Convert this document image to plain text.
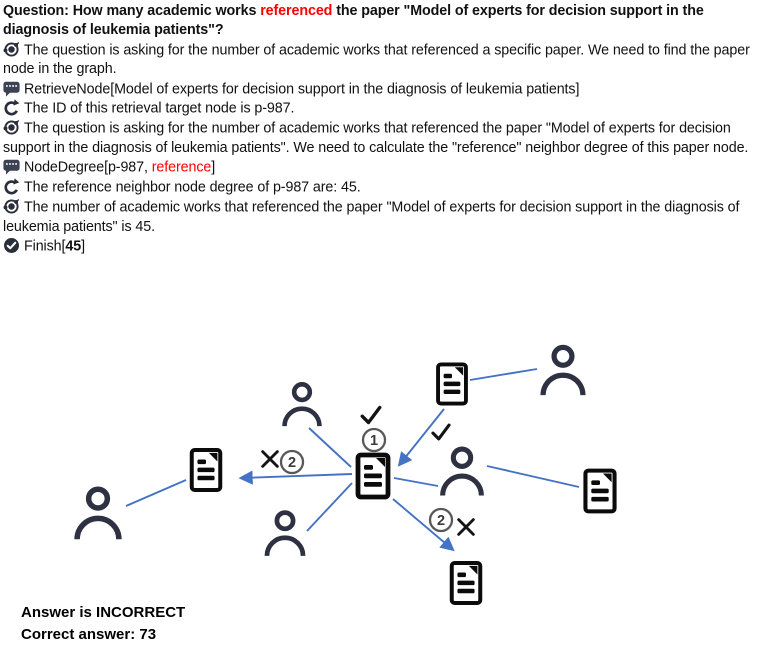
Question: How many academic works referenced the paper "Model of experts for decision support in the diagnosis of leukemia patients"?

The question is asking for the number of academic works that referenced a specific paper. We need to find the paper node in the graph.

RetrieveNode[Model of experts for decision support in the diagnosis of leukemia patients]

The ID of this retrieval target node is p-987.

The question is asking for the number of academic works that referenced the paper "Model of experts for decision support in the diagnosis of leukemia patients". We need to calculate the "reference" neighbor degree of this paper node.

NodeDegree[p-987, reference]

The reference neighbor node degree of p-987 are: 45.

The number of academic works that referenced the paper "Model of experts for decision support in the diagnosis of leukemia patients" is 45.

Finish[45]

1
2
2
Answer is INCORRECT
Correct answer: 73
